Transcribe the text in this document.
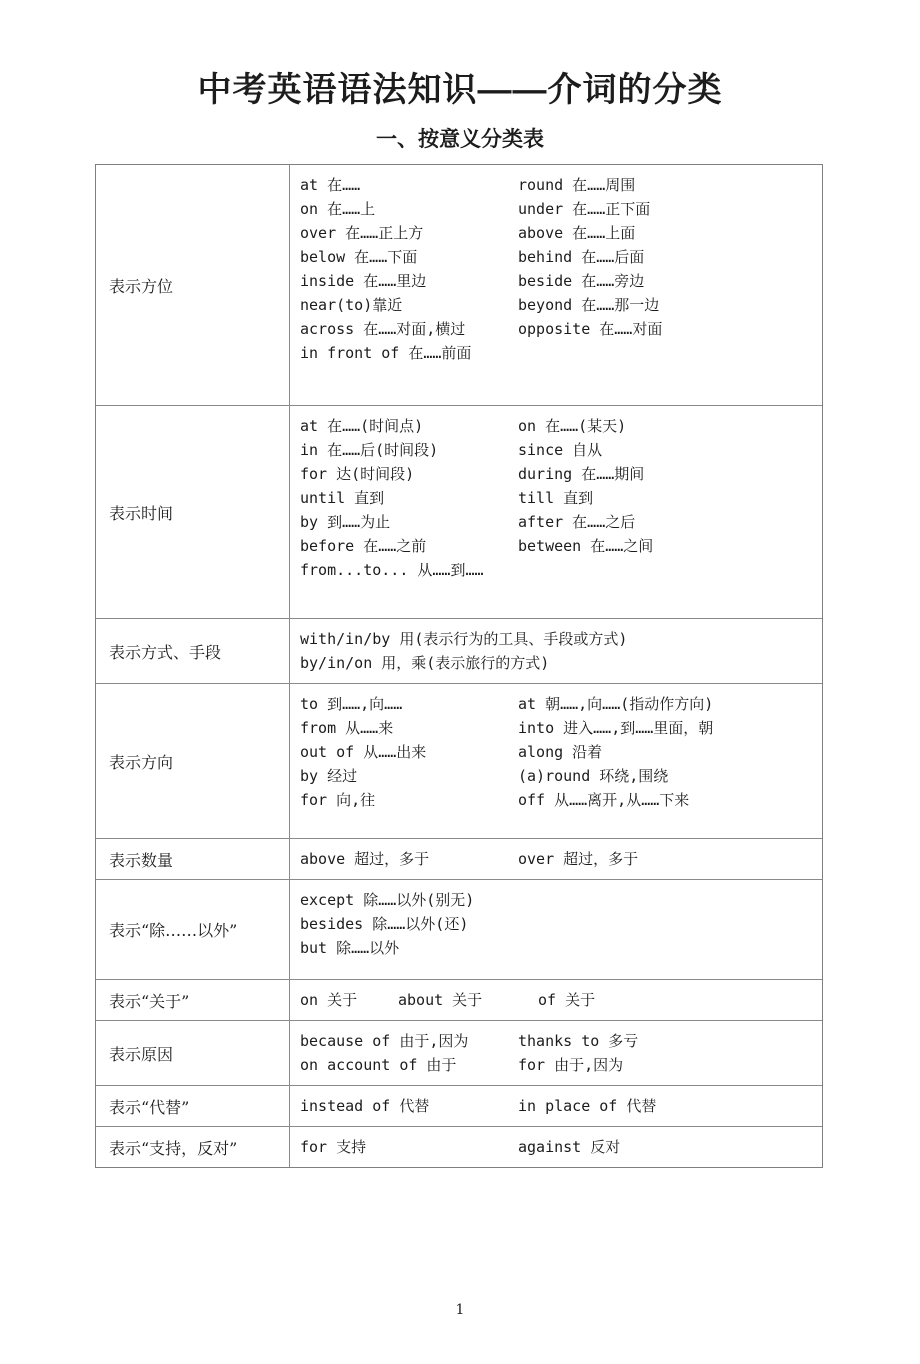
中考英语语法知识——介词的分类
一、按意义分类表
表示方位
at 在……	round 在……周围
on 在……上	under 在……正下面
over 在……正上方	above 在……上面
below 在……下面	behind 在……后面
inside 在……里边	beside 在……旁边
near(to)靠近	beyond 在……那一边
across 在……对面,横过	opposite 在……对面
in front of 在……前面
表示时间
at 在……(时间点)	on 在……(某天)
in 在……后(时间段)	since 自从
for 达(时间段)	during 在……期间
until 直到	till 直到
by 到……为止	after 在……之后
before 在……之前	between 在……之间
from...to... 从……到……
表示方式、手段
with/in/by 用(表示行为的工具、手段或方式)
by/in/on 用，乘(表示旅行的方式)
表示方向
to 到……,向……	at 朝……,向……(指动作方向)
from 从……来	into 进入……,到……里面，朝
out of 从……出来	along 沿着
by 经过	(a)round 环绕,围绕
for 向,往	off 从……离开,从……下来
表示数量	above 超过，多于	over 超过，多于
表示“除……以外”
except 除……以外(别无)
besides 除……以外(还)
but 除……以外
表示“关于”	on 关于	about 关于	of 关于
表示原因
because of 由于,因为	thanks to 多亏
on account of 由于	for 由于,因为
表示“代替”	instead of 代替	in place of 代替
表示“支持，反对”	for 支持	against 反对
1
